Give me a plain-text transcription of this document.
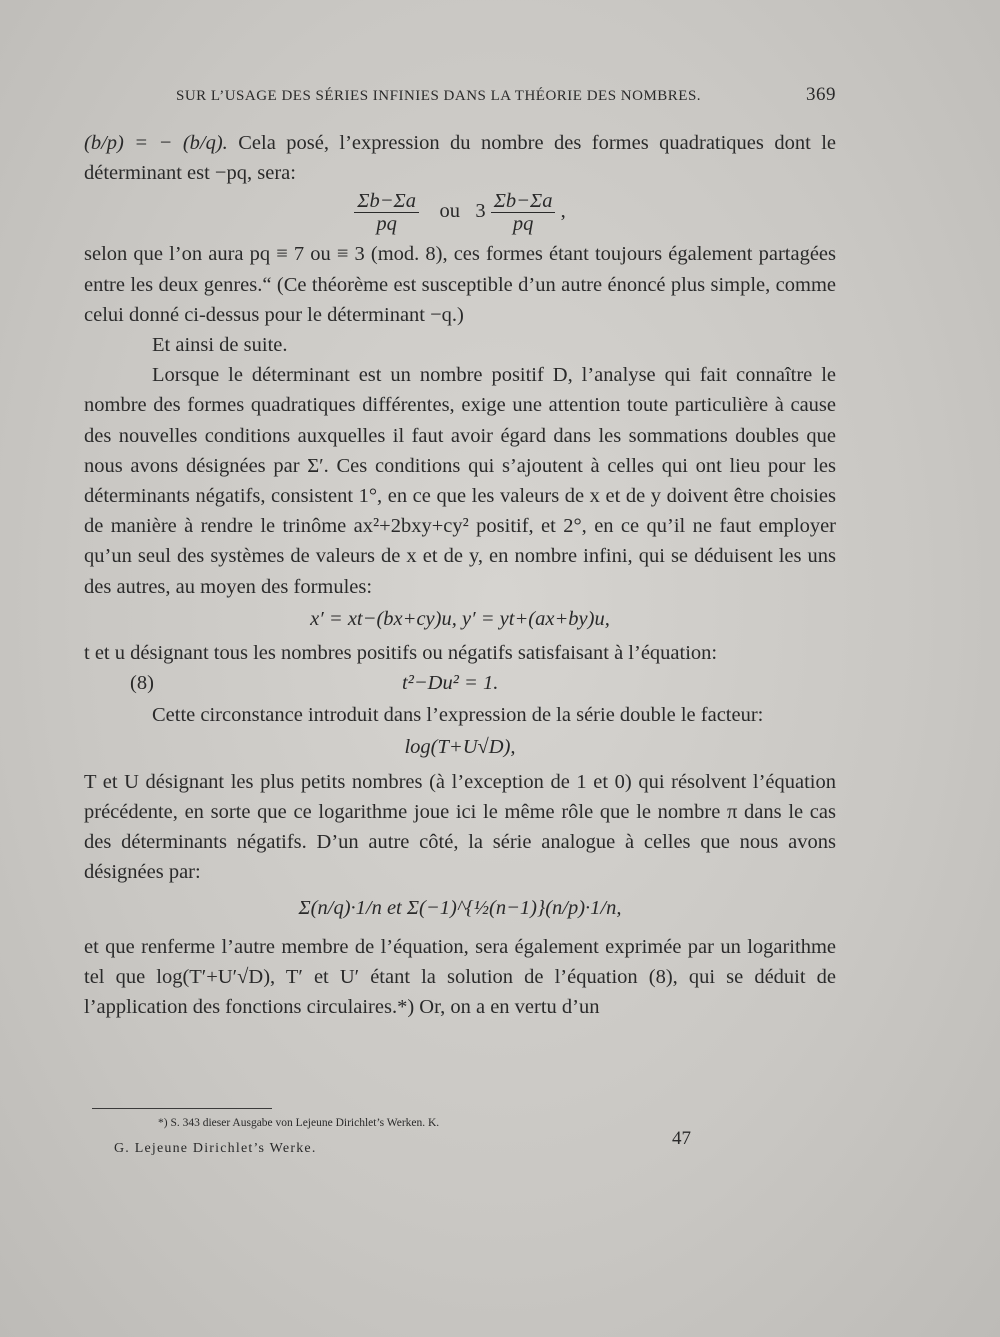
SUR L’USAGE DES SÉRIES INFINIES DANS LA THÉORIE DES NOMBRES.	369

(b/p) = − (b/q). Cela posé, l’expression du nombre des formes quadratiques dont le déterminant est −pq, sera:

$\frac{\Sigma b-\Sigma a}{pq}$ ou $3 \frac{\Sigma b-\Sigma a}{pq}$ ,

selon que l’on aura pq ≡ 7 ou ≡ 3 (mod. 8), ces formes étant toujours également partagées entre les deux genres.“ (Ce théorème est susceptible d’un autre énoncé plus simple, comme celui donné ci-dessus pour le déterminant −q.)

Et ainsi de suite.

Lorsque le déterminant est un nombre positif D, l’analyse qui fait connaître le nombre des formes quadratiques différentes, exige une attention toute particulière à cause des nouvelles conditions auxquelles il faut avoir égard dans les sommations doubles que nous avons désignées par Σ′. Ces conditions qui s’ajoutent à celles qui ont lieu pour les déterminants négatifs, consistent 1°, en ce que les valeurs de x et de y doivent être choisies de manière à rendre le trinôme ax²+2bxy+cy² positif, et 2°, en ce qu’il ne faut employer qu’un seul des systèmes de valeurs de x et de y, en nombre infini, qui se déduisent les uns des autres, au moyen des formules:

x′ = xt−(bx+cy)u, y′ = yt+(ax+by)u,

t et u désignant tous les nombres positifs ou négatifs satisfaisant à l’équation:

(8)	t²−Du² = 1.

Cette circonstance introduit dans l’expression de la série double le facteur:

log(T+U√D),

T et U désignant les plus petits nombres (à l’exception de 1 et 0) qui résolvent l’équation précédente, en sorte que ce logarithme joue ici le même rôle que le nombre π dans le cas des déterminants négatifs. D’un autre côté, la série analogue à celles que nous avons désignées par:

Σ(n/q)·1/n et Σ(−1)^{½(n−1)}(n/p)·1/n,

et que renferme l’autre membre de l’équation, sera également exprimée par un logarithme tel que log(T′+U′√D), T′ et U′ étant la solution de l’équation (8), qui se déduit de l’application des fonctions circulaires.*) Or, on a en vertu d’un

*) S. 343 dieser Ausgabe von Lejeune Dirichlet’s Werken. K.
G. Lejeune Dirichlet’s Werke.	47
